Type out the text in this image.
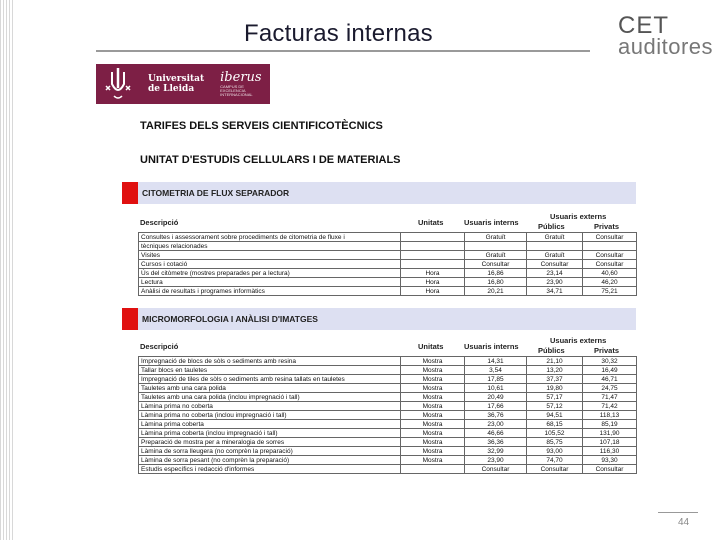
Facturas internas	CET
auditores
Universitat
de Lleida
iberus
CAMPUS DE EXCELENCIA INTERNACIONAL
TARIFES DELS SERVEIS CIENTIFICOTÈCNICS
UNITAT D'ESTUDIS CELLULARS I DE MATERIALS
CITOMETRIA DE FLUX SEPARADOR
Descripció	Unitats	Usuaris interns
Usuaris externs
Públics	Privats
Consultes i assessorament sobre procediments de citometria de fluxe i		Gratuït	Gratuït	Consultar
tècniques relacionades				
Visites		Gratuït	Gratuït	Consultar
Cursos i cotació		Consultar	Consultar	Consultar
Ús del citòmetre (mostres preparades per a lectura)	Hora	16,86	23,14	40,60
Lectura	Hora	16,80	23,90	46,20
Anàlisi de resultats i programes informàtics	Hora	20,21	34,71	75,21
MICROMORFOLOGIA I ANÀLISI D'IMATGES
Descripció	Unitats	Usuaris interns
Usuaris externs
Públics	Privats
Impregnació de blocs de sòls o sediments amb resina	Mostra	14,31	21,10	30,32
Tallar blocs en tauletes	Mostra	3,54	13,20	16,49
Impregnació de tiles de sòls o sediments amb resina tallats en tauletes	Mostra	17,85	37,37	46,71
Tauletes amb una cara polida	Mostra	10,61	19,80	24,75
Tauletes amb una cara polida (inclou impregnació i tall)	Mostra	20,49	57,17	71,47
Làmina prima no coberta	Mostra	17,66	57,12	71,42
Làmina prima no coberta (inclou impregnació i tall)	Mostra	36,76	94,51	118,13
Làmina prima coberta	Mostra	23,00	68,15	85,19
Làmina prima coberta (inclou impregnació i tall)	Mostra	46,66	105,52	131,90
Preparació de mostra per a mineralogia de sorres	Mostra	36,36	85,75	107,18
Làmina de sorra lleugera (no comprèn la preparació)	Mostra	32,99	93,00	116,30
Làmina de sorra pesant (no comprèn la preparació)	Mostra	23,90	74,70	93,30
Estudis específics i redacció d'informes		Consultar	Consultar	Consultar
44
